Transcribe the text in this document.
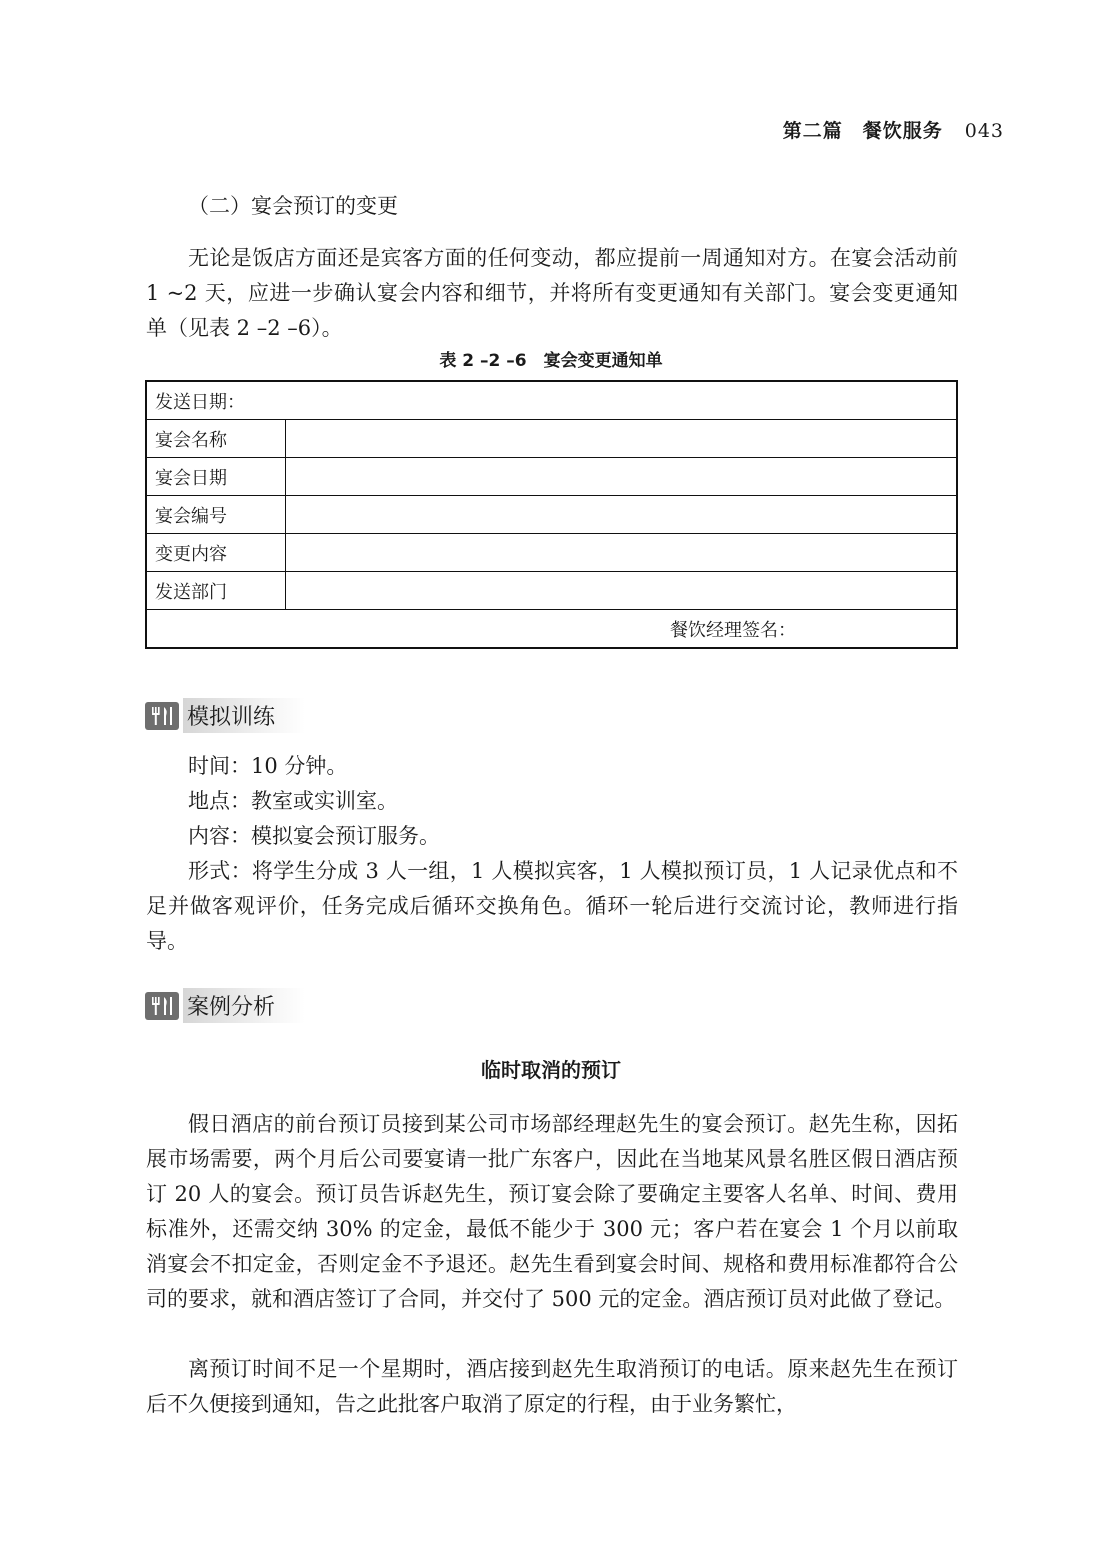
第二篇 餐饮服务 043
（二）宴会预订的变更

无论是饭店方面还是宾客方面的任何变动，都应提前一周通知对方。在宴会活动前 1 ~2 天，应进一步确认宴会内容和细节，并将所有变更通知有关部门。宴会变更通知单（见表 2 –2 –6）。

表 2 –2 –6　宴会变更通知单
发送日期：	
宴会名称	
宴会日期	
宴会编号	
变更内容	
发送部门	
餐饮经理签名：	
模拟训练

时间：10 分钟。

地点：教室或实训室。

内容：模拟宴会预订服务。

形式：将学生分成 3 人一组，1 人模拟宾客，1 人模拟预订员，1 人记录优点和不足并做客观评价，任务完成后循环交换角色。循环一轮后进行交流讨论，教师进行指导。

案例分析
临时取消的预订

假日酒店的前台预订员接到某公司市场部经理赵先生的宴会预订。赵先生称，因拓展市场需要，两个月后公司要宴请一批广东客户，因此在当地某风景名胜区假日酒店预订 20 人的宴会。预订员告诉赵先生，预订宴会除了要确定主要客人名单、时间、费用标准外，还需交纳 30% 的定金，最低不能少于 300 元；客户若在宴会 1 个月以前取消宴会不扣定金，否则定金不予退还。赵先生看到宴会时间、规格和费用标准都符合公司的要求，就和酒店签订了合同，并交付了 500 元的定金。酒店预订员对此做了登记。

离预订时间不足一个星期时，酒店接到赵先生取消预订的电话。原来赵先生在预订后不久便接到通知，告之此批客户取消了原定的行程，由于业务繁忙，
